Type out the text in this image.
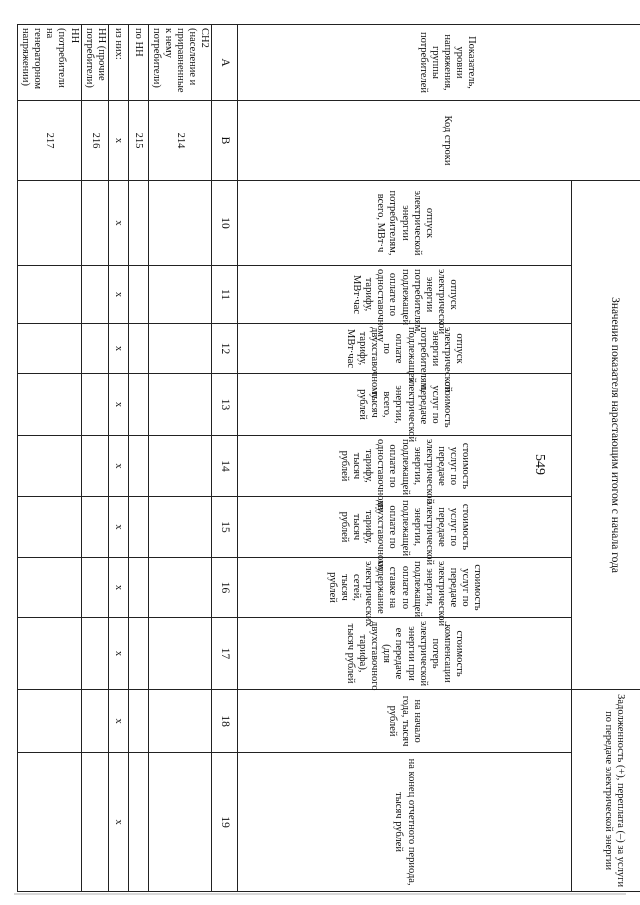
549
Показатель, уровни напряжения, группы потребителей	Код строки	Значение показателя нарастающим итогом с начала года								Задолженность (+), переплата (–) за услуги по передаче электрической энергии	
		отпуск электрической энергии потребителям, всего, МВт·ч	отпуск электрической энергии потребителям, подлежащей оплате по одноставочному тарифу, МВт·час	отпуск электрической энергии потребителям, подлежащей оплате по двухставочному тарифу, МВт·час	стоимость услуг по передаче электрической энергии, всего, тысяч рублей	стоимость услуг по передаче электрической энергии, подлежащей оплате по одноставочному тарифу, тысяч рублей	стоимость услуг по передаче электрической энергии, подлежащей оплате по двухставочному тарифу, тысяч рублей	стоимость услуг по передаче электрической энергии, подлежащей оплате по ставке на содержание электрических сетей, тысяч рублей	стоимость компенсации потерь электрической энергии при ее передаче (для двухставочного тарифа), тысяч рублей	на начало года, тысяч рублей	на конец отчетного периода, тысяч рублей

А	В	10	11	12	13	14	15	16	17	18	19
СН2 (население и приравненные к нему потребители)	214										
по НН	215										
из них:	х	х	х	х	х	х	х	х	х	х	х
НН (прочие потребители)	216										
НН (потребители на генераторном напряжении)	217										
